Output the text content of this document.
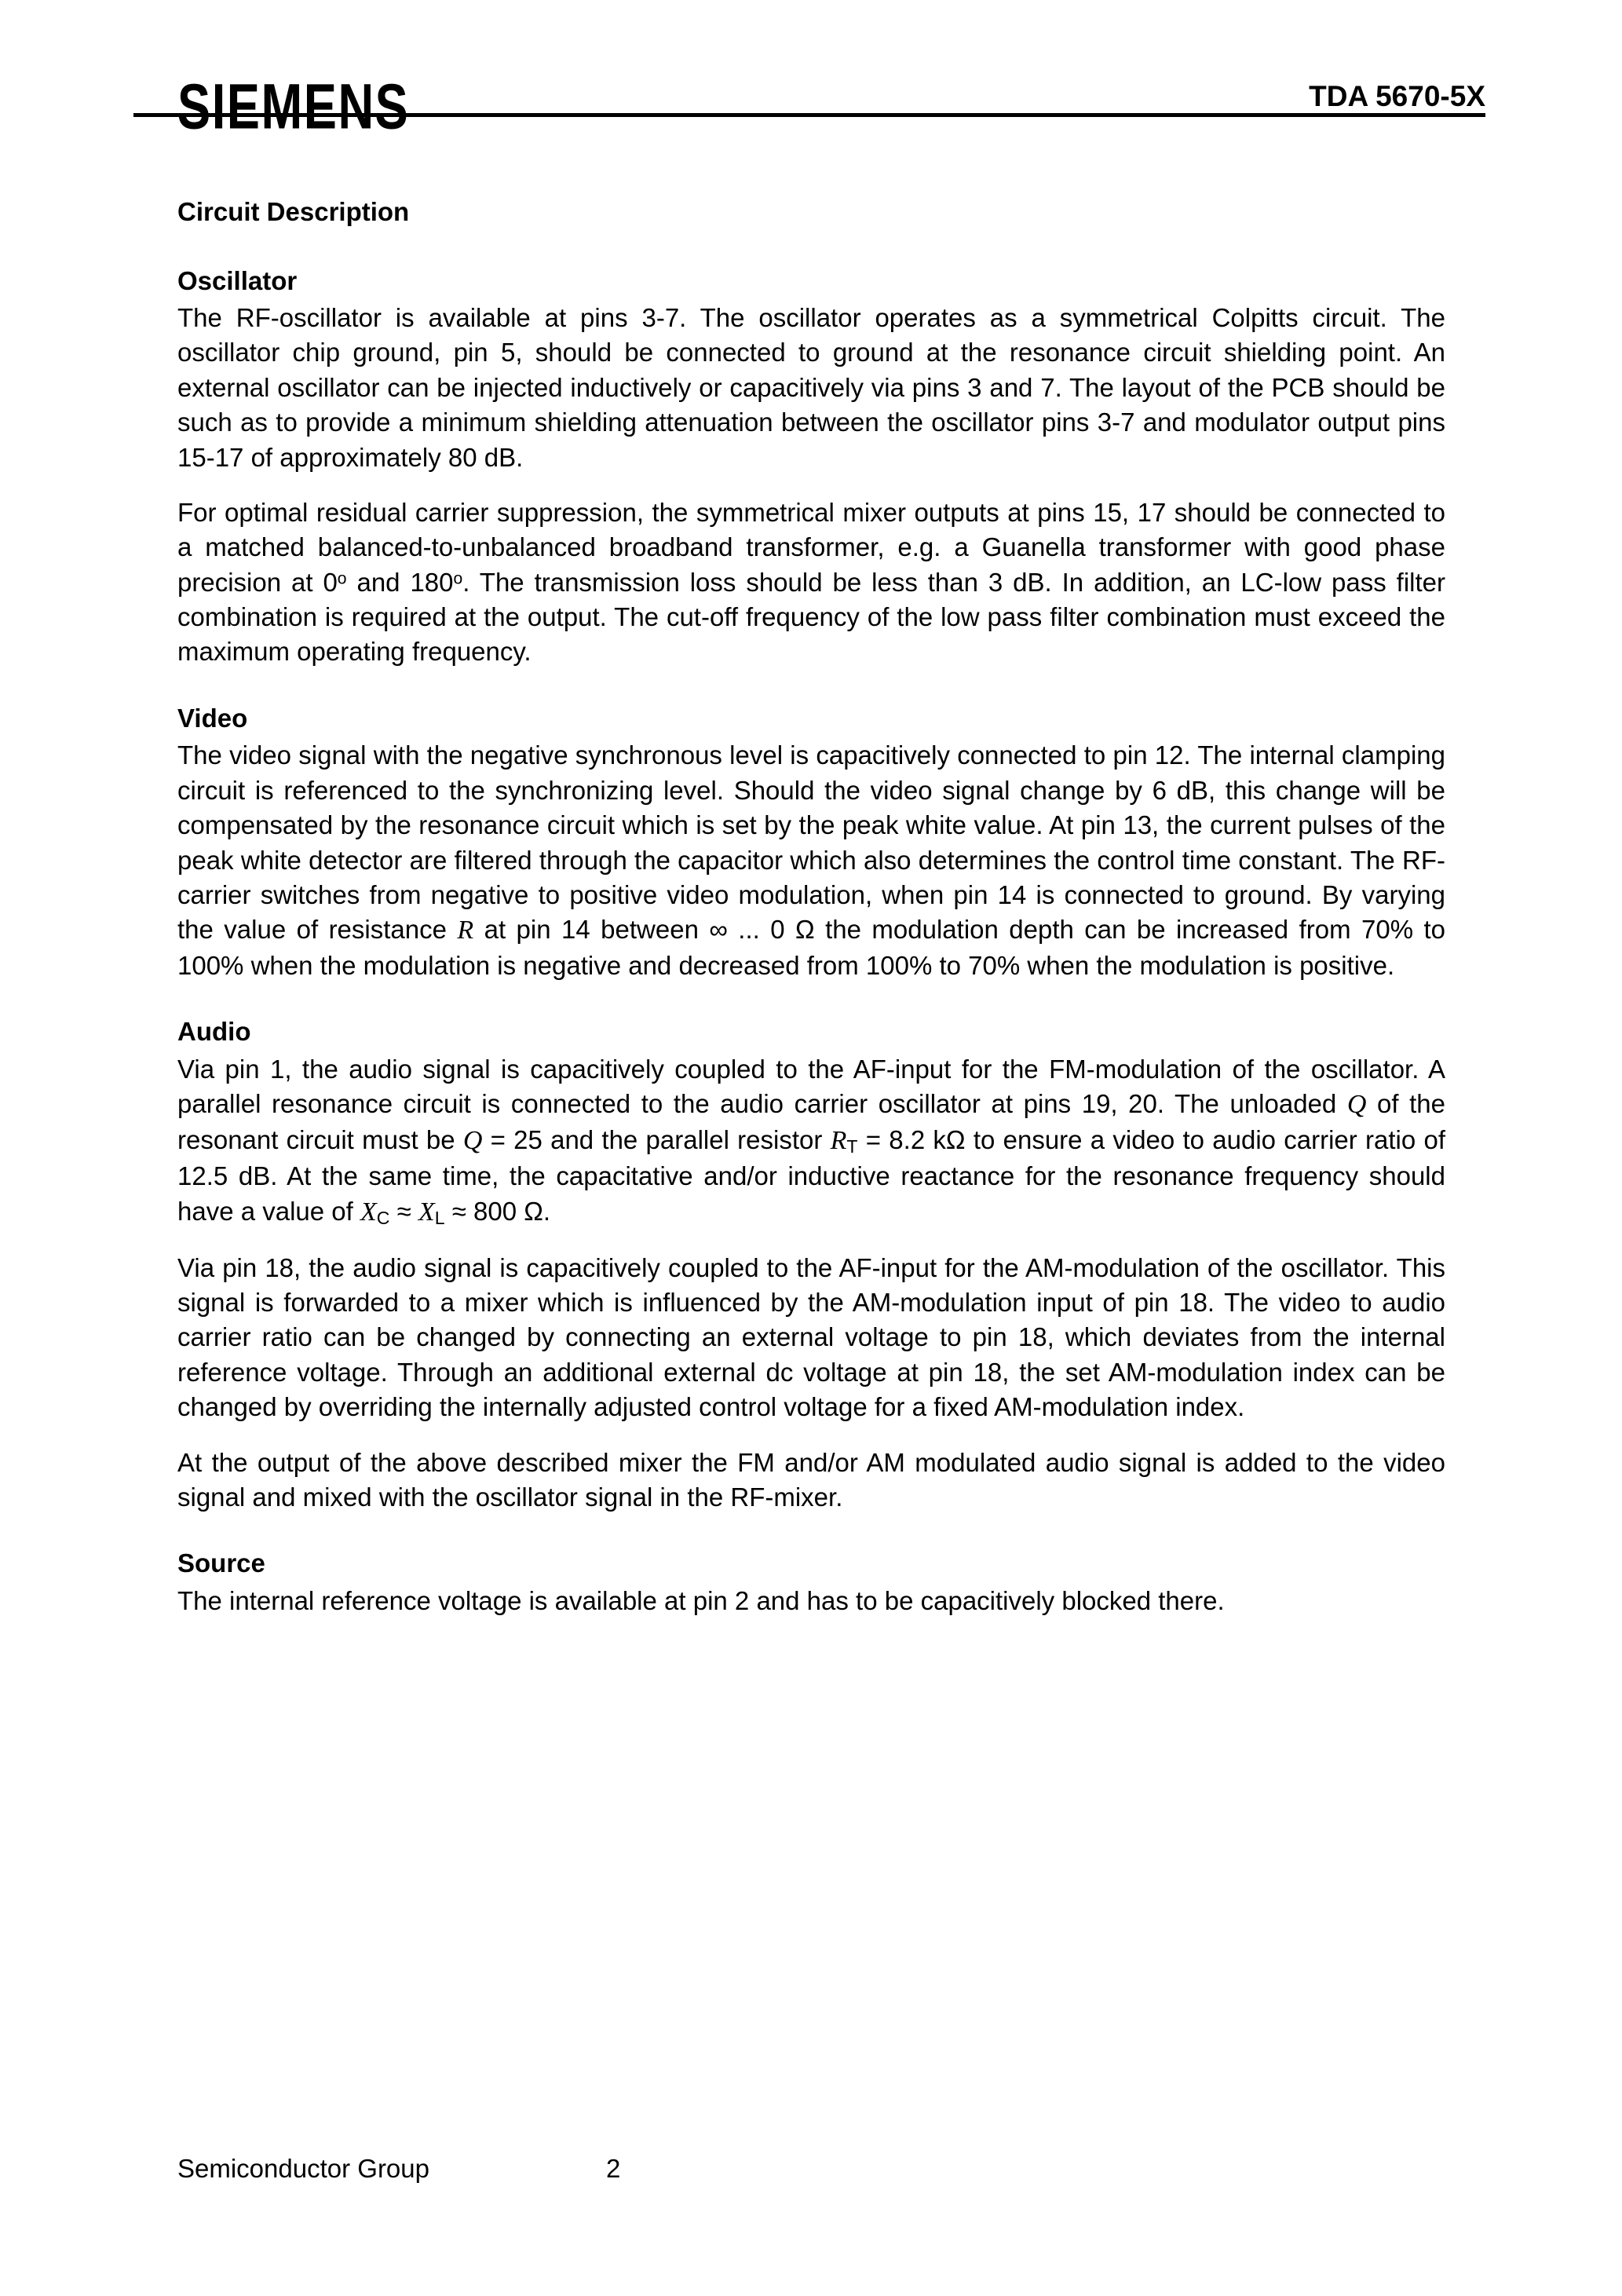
SIEMENS	TDA 5670-5X
Circuit Description
Oscillator

The RF-oscillator is available at pins 3-7. The oscillator operates as a symmetrical Colpitts circuit. The oscillator chip ground, pin 5, should be connected to ground at the resonance circuit shielding point. An external oscillator can be injected inductively or capacitively via pins 3 and 7. The layout of the PCB should be such as to provide a minimum shielding attenuation between the oscillator pins 3-7 and modulator output pins 15-17 of approximately 80 dB.

For optimal residual carrier suppression, the symmetrical mixer outputs at pins 15, 17 should be connected to a matched balanced-to-unbalanced broadband transformer, e.g. a Guanella transformer with good phase precision at 0$^o$ and 180$^o$. The transmission loss should be less than 3 dB. In addition, an LC-low pass filter combination is required at the output. The cut-off frequency of the low pass filter combination must exceed the maximum operating frequency.

Video

The video signal with the negative synchronous level is capacitively connected to pin 12. The internal clamping circuit is referenced to the synchronizing level. Should the video signal change by 6 dB, this change will be compensated by the resonance circuit which is set by the peak white value. At pin 13, the current pulses of the peak white detector are filtered through the capacitor which also determines the control time constant. The RF-carrier switches from negative to positive video modulation, when pin 14 is connected to ground. By varying the value of resistance R at pin 14 between ∞ ... 0 Ω the modulation depth can be increased from 70% to 100% when the modulation is negative and decreased from 100% to 70% when the modulation is positive.

Audio

Via pin 1, the audio signal is capacitively coupled to the AF-input for the FM-modulation of the oscillator. A parallel resonance circuit is connected to the audio carrier oscillator at pins 19, 20. The unloaded Q of the resonant circuit must be Q = 25 and the parallel resistor $R_T = 8.2$ kΩ to ensure a video to audio carrier ratio of 12.5 dB. At the same time, the capacitative and/or inductive reactance for the resonance frequency should have a value of $X_C \approx X_L \approx 800$ Ω.

Via pin 18, the audio signal is capacitively coupled to the AF-input for the AM-modulation of the oscillator. This signal is forwarded to a mixer which is influenced by the AM-modulation input of pin 18. The video to audio carrier ratio can be changed by connecting an external voltage to pin 18, which deviates from the internal reference voltage. Through an additional external dc voltage at pin 18, the set AM-modulation index can be changed by overriding the internally adjusted control voltage for a fixed AM-modulation index.

At the output of the above described mixer the FM and/or AM modulated audio signal is added to the video signal and mixed with the oscillator signal in the RF-mixer.

Source

The internal reference voltage is available at pin 2 and has to be capacitively blocked there.

Semiconductor Group	2
